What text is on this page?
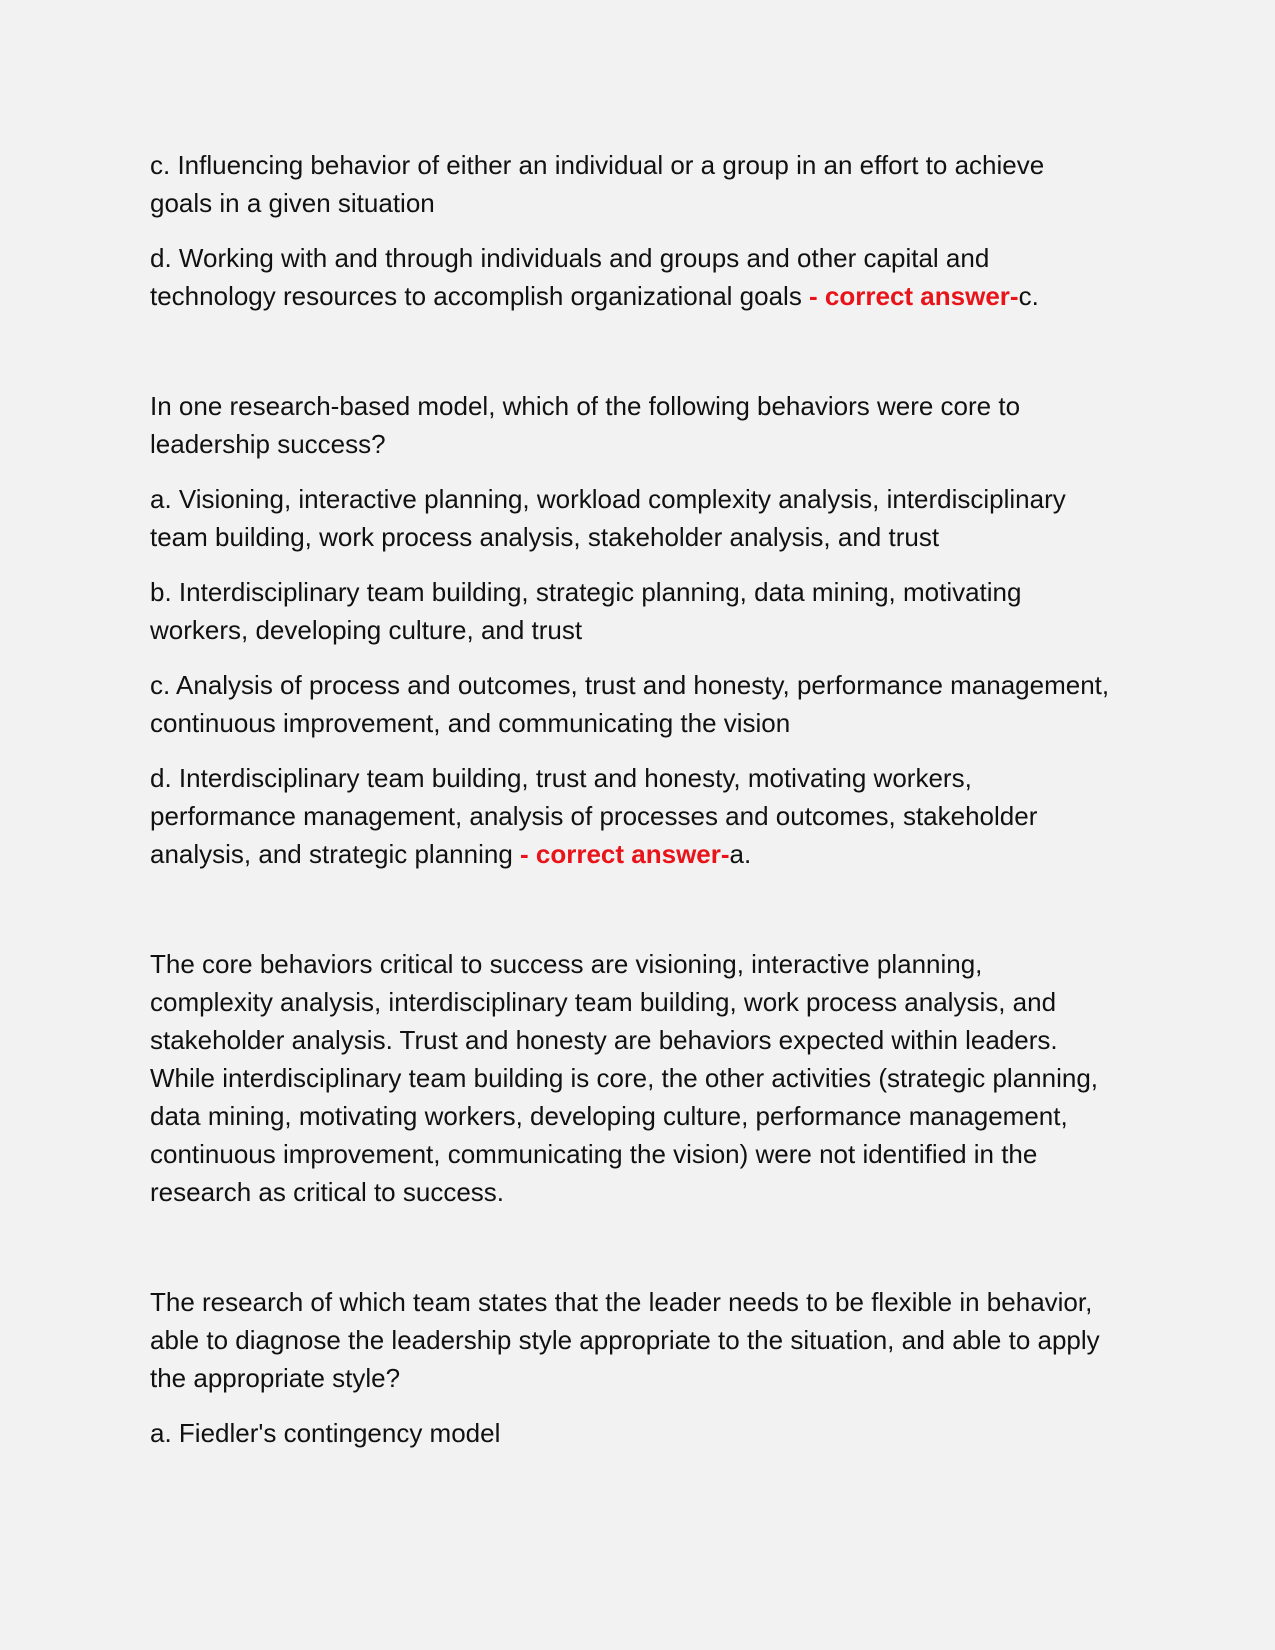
c. Influencing behavior of either an individual or a group in an effort to achieve goals in a given situation

d. Working with and through individuals and groups and other capital and technology resources to accomplish organizational goals - correct answer-c.

In one research-based model, which of the following behaviors were core to leadership success?

a. Visioning, interactive planning, workload complexity analysis, interdisciplinary team building, work process analysis, stakeholder analysis, and trust

b. Interdisciplinary team building, strategic planning, data mining, motivating workers, developing culture, and trust

c. Analysis of process and outcomes, trust and honesty, performance management, continuous improvement, and communicating the vision

d. Interdisciplinary team building, trust and honesty, motivating workers, performance management, analysis of processes and outcomes, stakeholder analysis, and strategic planning - correct answer-a.

The core behaviors critical to success are visioning, interactive planning, complexity analysis, interdisciplinary team building, work process analysis, and stakeholder analysis. Trust and honesty are behaviors expected within leaders. While interdisciplinary team building is core, the other activities (strategic planning, data mining, motivating workers, developing culture, performance management, continuous improvement, communicating the vision) were not identified in the research as critical to success.

The research of which team states that the leader needs to be flexible in behavior, able to diagnose the leadership style appropriate to the situation, and able to apply the appropriate style?

a. Fiedler's contingency model
